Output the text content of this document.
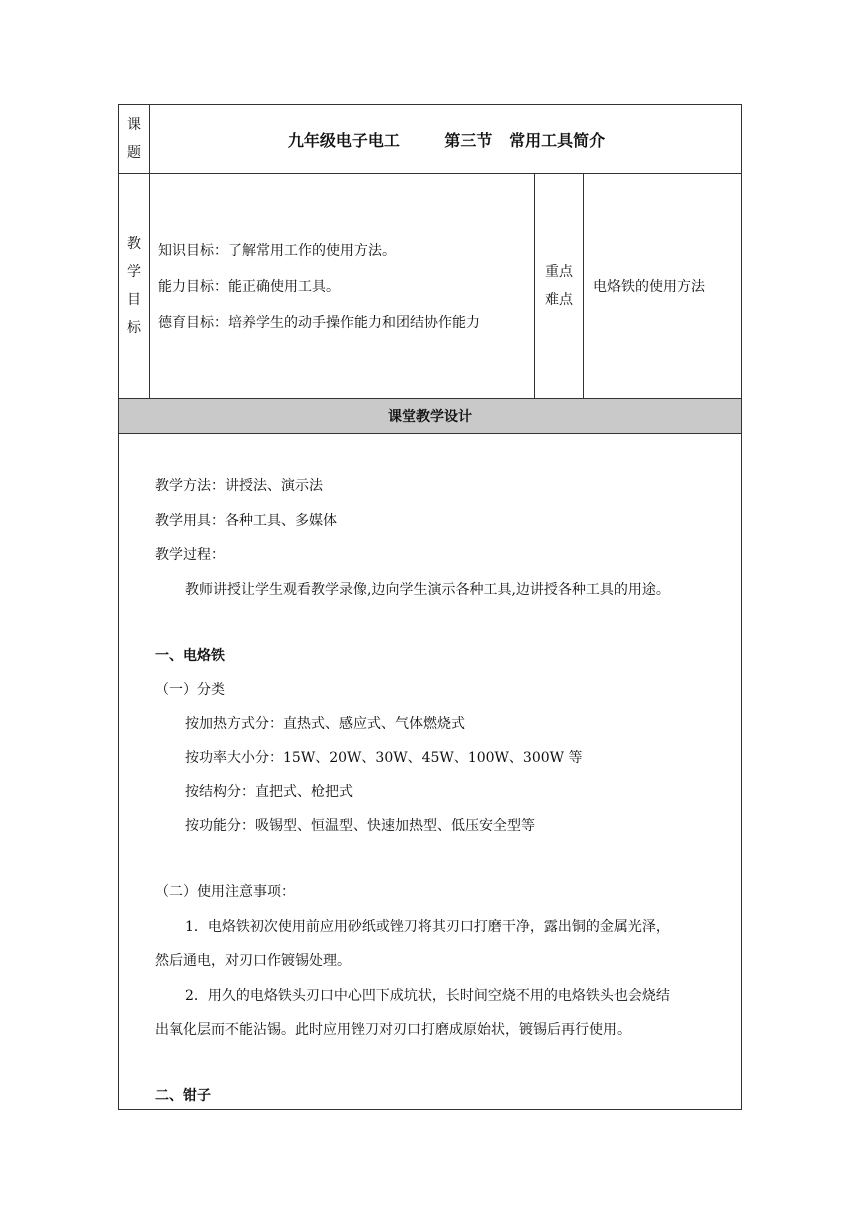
课
题
九年级电子电工        第三节   常用工具简介
教
学
目
标
知识目标：了解常用工作的使用方法。
能力目标：能正确使用工具。
德育目标：培养学生的动手操作能力和团结协作能力
重点
难点
电烙铁的使用方法
课堂教学设计
教学方法：讲授法、演示法
教学用具：各种工具、多媒体
教学过程：
教师讲授让学生观看教学录像,边向学生演示各种工具,边讲授各种工具的用途。
一、电烙铁
（一）分类
按加热方式分：直热式、感应式、气体燃烧式
按功率大小分：15W、20W、30W、45W、100W、300W 等
按结构分：直把式、枪把式
按功能分：吸锡型、恒温型、快速加热型、低压安全型等
（二）使用注意事项：
1．电烙铁初次使用前应用砂纸或锉刀将其刃口打磨干净，露出铜的金属光泽，
然后通电，对刃口作镀锡处理。
2．用久的电烙铁头刃口中心凹下成坑状，长时间空烧不用的电烙铁头也会烧结
出氧化层而不能沾锡。此时应用锉刀对刃口打磨成原始状，镀锡后再行使用。
二、钳子
